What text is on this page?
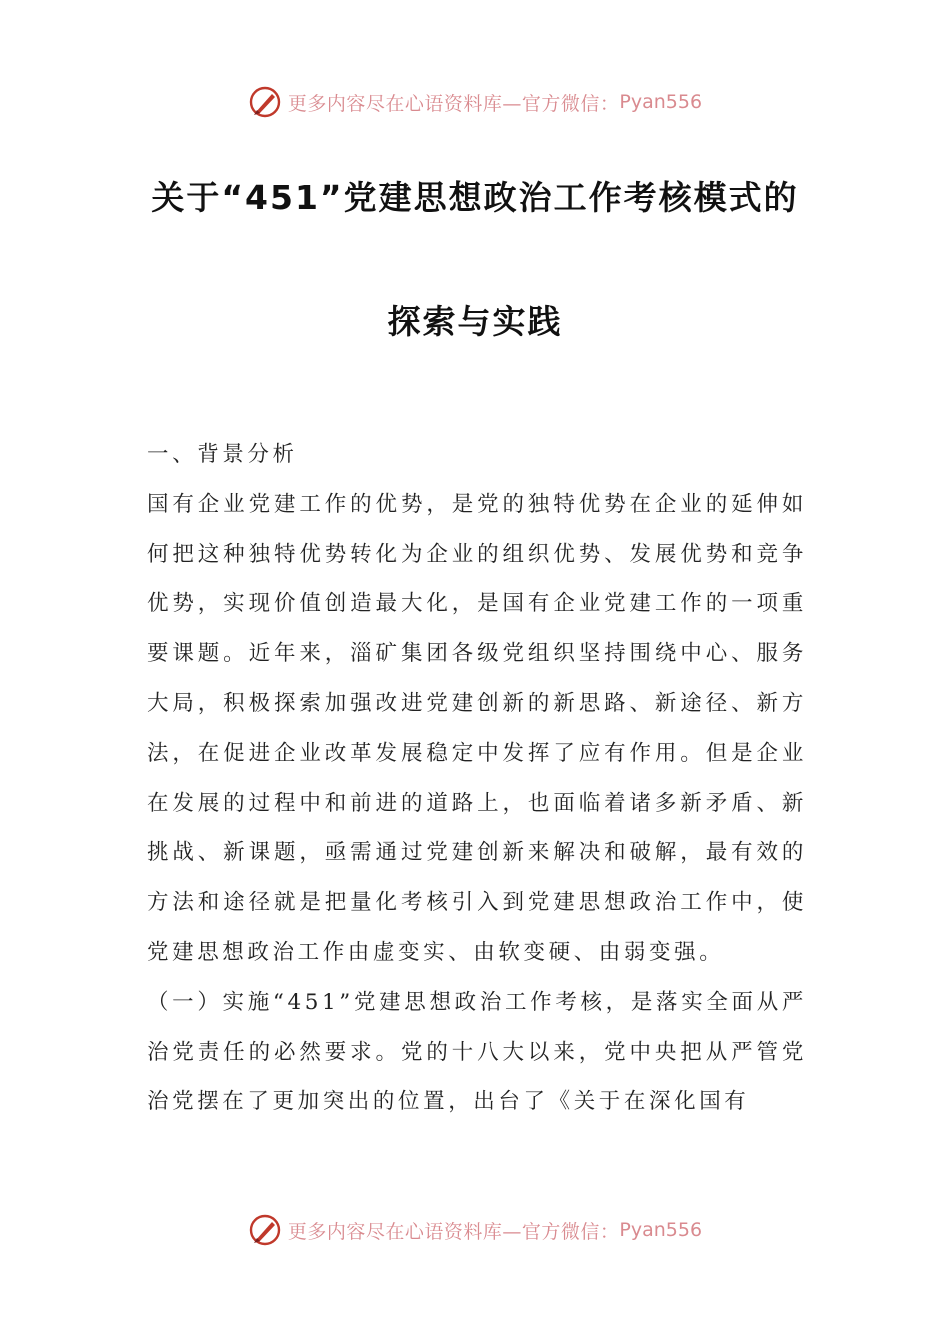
更多内容尽在心语资料库—官方微信： Pyan556
关于“451”党建思想政治工作考核模式的
探索与实践

一、背景分析

国有企业党建工作的优势，是党的独特优势在企业的延伸如何把这种独特优势转化为企业的组织优势、发展优势和竞争优势，实现价值创造最大化，是国有企业党建工作的一项重要课题。近年来，淄矿集团各级党组织坚持围绕中心、服务大局，积极探索加强改进党建创新的新思路、新途径、新方法，在促进企业改革发展稳定中发挥了应有作用。但是企业在发展的过程中和前进的道路上，也面临着诸多新矛盾、新挑战、新课题，亟需通过党建创新来解决和破解，最有效的方法和途径就是把量化考核引入到党建思想政治工作中，使党建思想政治工作由虚变实、由软变硬、由弱变强。

（一）实施“451”党建思想政治工作考核，是落实全面从严治党责任的必然要求。党的十八大以来，党中央把从严管党治党摆在了更加突出的位置，出台了《关于在深化国有

更多内容尽在心语资料库—官方微信： Pyan556
